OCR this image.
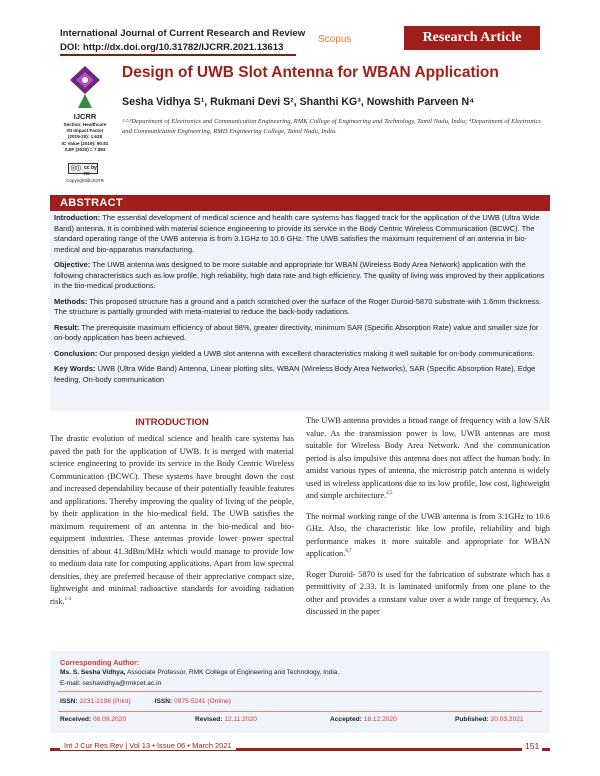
International Journal of Current Research and Review
DOI: http://dx.doi.org/10.31782/IJCRR.2021.13613
Scopus	Research Article
IJCRR
Section: Healthcare
ISI Impact Factor
(2019-20): 1.628
IC Value (2019): 90.81
SJIF (2020) = 7.893
ⓒⓘ cc by nc
Copyright@IJCRR
Design of UWB Slot Antenna for WBAN Application
Sesha Vidhya S¹, Rukmani Devi S², Shanthi KG³, Nowshith Parveen N⁴
¹·²·³Department of Electronics and Communication Engineering, RMK College of Engineering and Technology, Tamil Nadu, India; ⁴Department of Electronics and Communication Engineering, RMD Engineering College, Tamil Nadu, India.
ABSTRACT

Introduction: The essential development of medical science and health care systems has flagged track for the application of the UWB (Ultra Wide Band) antenna. It is combined with material science engineering to provide its service in the Body Centric Wireless Communication (BCWC). The standard operating range of the UWB antenna is from 3.1GHz to 10.6 GHz. The UWB satisfies the maximum requirement of an antenna in bio-medical and bio-apparatus manufacturing.

Objective: The UWB antenna was designed to be more suitable and appropriate for WBAN (Wireless Body Area Network) application with the following characteristics such as low profile, high reliability, high data rate and high efficiency. The quality of living was improved by their applications in the bio-medical productions.

Methods: This proposed structure has a ground and a patch scratched over the surface of the Roger Duroid-5870 substrate with 1.6mm thickness. The structure is partially grounded with meta-material to reduce the back-body radiations.

Result: The prerequisite maximum efficiency of about 98%, greater directivity, minimum SAR (Specific Absorption Rate) value and smaller size for on-body application has been achieved.

Conclusion: Our proposed design yielded a UWB slot antenna with excellent characteristics making it well suitable for on-body communications.

Key Words: UWB (Ultra Wide Band) Antenna, Linear plotting slits, WBAN (Wireless Body Area Networks), SAR (Specific Absorption Rate), Edge feeding, On-body communication

INTRODUCTION

The drastic evolution of medical science and health care systems has paved the path for the application of UWB. It is merged with material science engineering to provide its service in the Body Centric Wireless Communication (BCWC). These systems have brought down the cost and increased dependability because of their potentially feasible features and applications. Thereby improving the quality of living of the people, by their application in the bio-medical field. The UWB satisfies the maximum requirement of an antenna in the bio-medical and bio-equipment industries. These antennas provide lower power spectral densities of about 41.3dBm/MHz which would manage to provide low to medium data rate for computing applications. Apart from low spectral densities, they are preferred because of their appreciative compact size, lightweight and minimal radioactive standards for avoiding radiation risk.$^{1-3}$

The UWB antenna provides a broad range of frequency with a low SAR value. As the transmission power is low, UWB antennas are most suitable for Wireless Body Area Network. And the communication period is also impulsive this antenna does not affect the human body. In amidst various types of antenna, the microstrip patch antenna is widely used in wireless applications due to its low profile, low cost, lightweight and simple architecture.$^{4,5}$

The normal working range of the UWB antenna is from 3.1GHz to 10.6 GHz. Also, the characteristic like low profile, reliability and high performance makes it more suitable and appropriate for WBAN application.$^{6,7}$

Roger Duroid- 5870 is used for the fabrication of substrate which has a permittivity of 2.33. It is laminated uniformly from one plane to the other and provides a constant value over a wide range of frequency. As discussed in the paper

Corresponding Author:
Ms. S. Sesha Vidhya, Associate Professor, RMK College of Engineering and Technology, India.
E-mail: seshavidhya@rmkcet.ac.in
ISSN: 2231-2196 (Print)	ISSN: 0975-5241 (Online)
Received: 08.09.2020	Revised: 12.11.2020	Accepted: 18.12.2020	Published: 20.03.2021
Int J Cur Res Rev | Vol 13 • Issue 06 • March 2021	151
